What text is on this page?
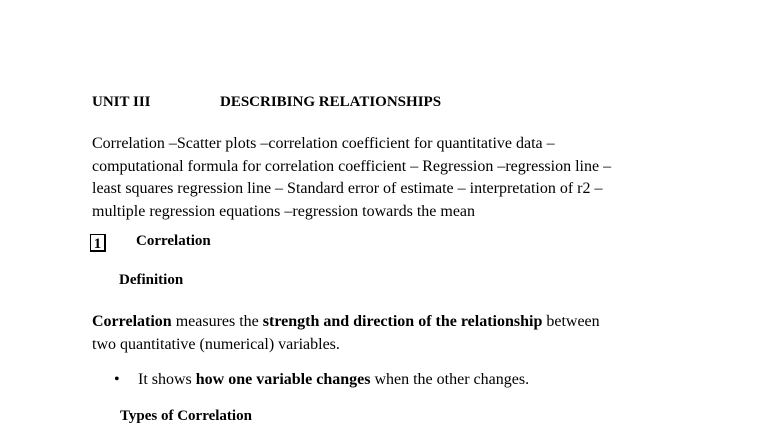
UNIT III	DESCRIBING RELATIONSHIPS
Correlation –Scatter plots –correlation coefficient for quantitative data –
computational formula for correlation coefficient – Regression –regression line –
least squares regression line – Standard error of estimate – interpretation of r2 –
multiple regression equations –regression towards the mean
1	Correlation
Definition
Correlation measures the strength and direction of the relationship between
two quantitative (numerical) variables.
• It shows how one variable changes when the other changes.
Types of Correlation
